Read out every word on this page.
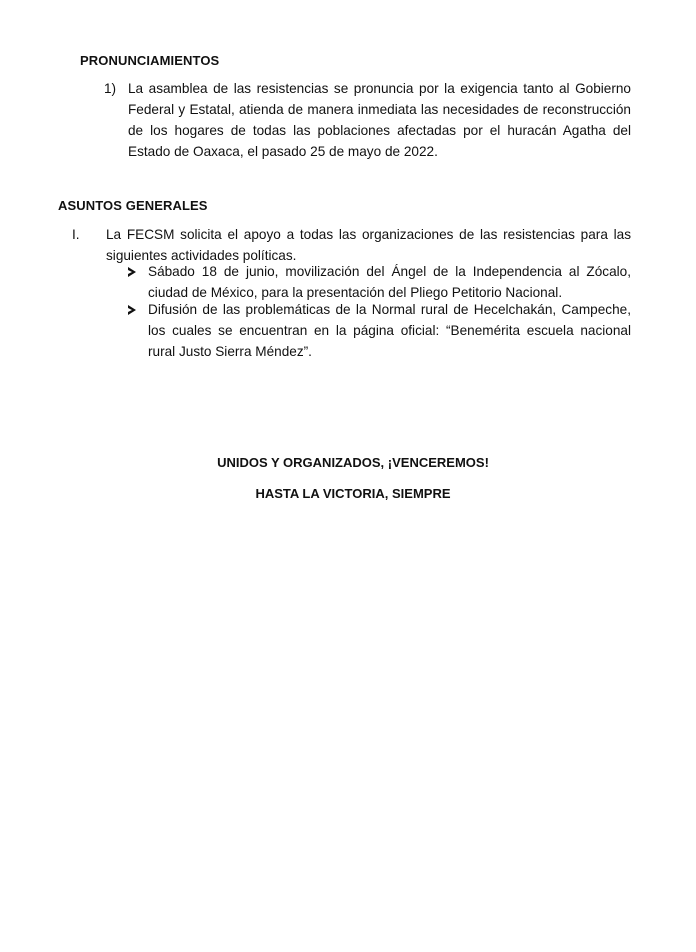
PRONUNCIAMIENTOS
1) La asamblea de las resistencias se pronuncia por la exigencia tanto al Gobierno Federal y Estatal, atienda de manera inmediata las necesidades de reconstrucción de los hogares de todas las poblaciones afectadas por el huracán Agatha del Estado de Oaxaca, el pasado 25 de mayo de 2022.
ASUNTOS GENERALES
I. La FECSM solicita el apoyo a todas las organizaciones de las resistencias para las siguientes actividades políticas.
Sábado 18 de junio, movilización del Ángel de la Independencia al Zócalo, ciudad de México, para la presentación del Pliego Petitorio Nacional.
Difusión de las problemáticas de la Normal rural de Hecelchakán, Campeche, los cuales se encuentran en la página oficial: “Benemérita escuela nacional rural Justo Sierra Méndez”.
UNIDOS Y ORGANIZADOS, ¡VENCEREMOS!
HASTA LA VICTORIA, SIEMPRE
